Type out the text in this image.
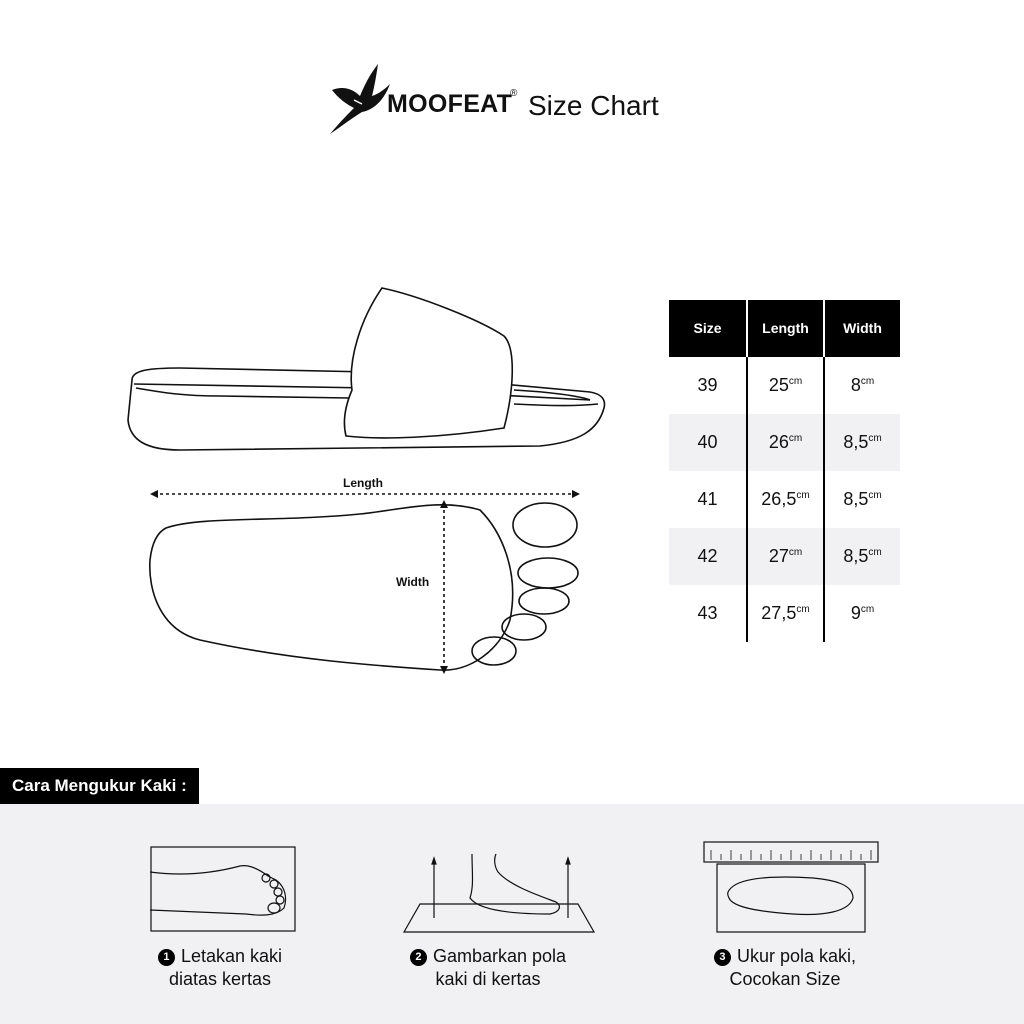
MOOFEAT
® Size Chart
Size	Length	Width
39	$25^{cm}$	$8^{cm}$
40	$26^{cm}$	$8,5^{cm}$
41	$26,5^{cm}$	$8,5^{cm}$
42	$27^{cm}$	$8,5^{cm}$
43	$27,5^{cm}$	$9^{cm}$
Length
Width
Cara Mengukur Kaki :
1 Letakan kaki
diatas kertas
2 Gambarkan pola
kaki di kertas
3 Ukur pola kaki,
Cocokan Size
